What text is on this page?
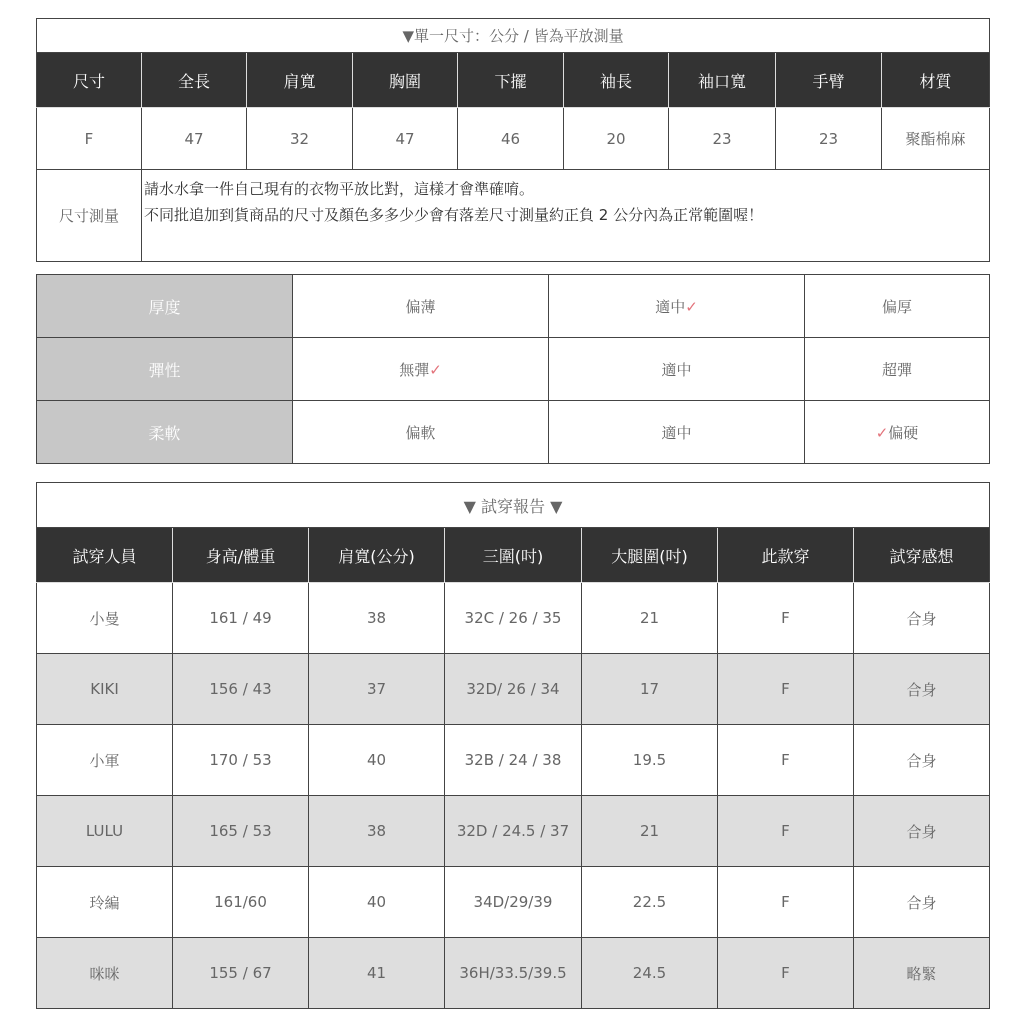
▼單一尺寸：公分 / 皆為平放測量								
尺寸	全長	肩寬	胸圍	下擺	袖長	袖口寬	手臂	材質
F	47	32	47	46	20	23	23	聚酯棉麻
尺寸測量	請水水拿一件自己現有的衣物平放比對，這樣才會準確唷。
不同批追加到貨商品的尺寸及顏色多多少少會有落差尺寸測量約正負 2 公分內為正常範圍喔！							
厚度	偏薄	適中✓	偏厚
彈性	無彈✓	適中	超彈
柔軟	偏軟	適中	✓偏硬
▼ 試穿報告 ▼						
試穿人員	身高/體重	肩寬(公分)	三圍(吋)	大腿圍(吋)	此款穿	試穿感想
小曼	161 / 49	38	32C / 26 / 35	21	F	合身
KIKI	156 / 43	37	32D/ 26 / 34	17	F	合身
小軍	170 / 53	40	32B / 24 / 38	19.5	F	合身
LULU	165 / 53	38	32D / 24.5 / 37	21	F	合身
玲編	161/60	40	34D/29/39	22.5	F	合身
咪咪	155 / 67	41	36H/33.5/39.5	24.5	F	略緊
